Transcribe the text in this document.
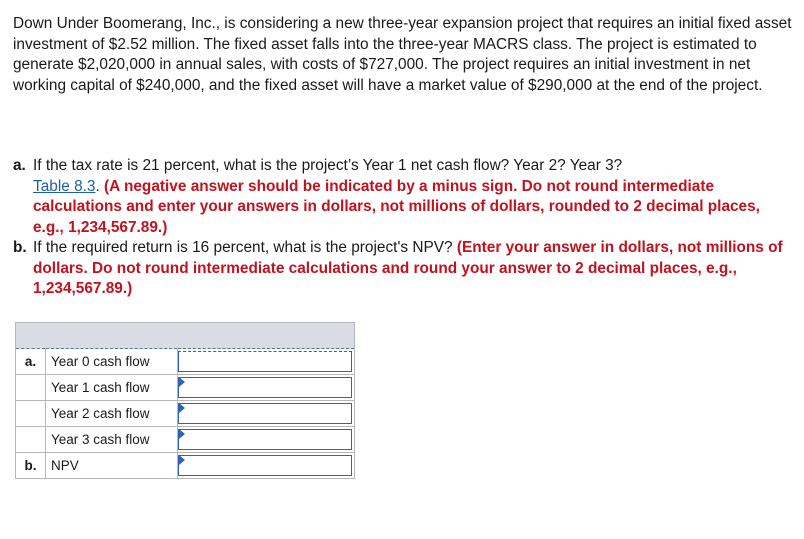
Down Under Boomerang, Inc., is considering a new three-year expansion project that requires an initial fixed asset investment of $2.52 million. The fixed asset falls into the three-year MACRS class. The project is estimated to generate $2,020,000 in annual sales, with costs of $727,000. The project requires an initial investment in net working capital of $240,000, and the fixed asset will have a market value of $290,000 at the end of the project.
a. If the tax rate is 21 percent, what is the project’s Year 1 net cash flow? Year 2? Year 3?
Table 8.3. (A negative answer should be indicated by a minus sign. Do not round intermediate calculations and enter your answers in dollars, not millions of dollars, rounded to 2 decimal places, e.g., 1,234,567.89.)
b. If the required return is 16 percent, what is the project's NPV? (Enter your answer in dollars, not millions of dollars. Do not round intermediate calculations and round your answer to 2 decimal places, e.g., 1,234,567.89.)

a.	Year 0 cash flow	

	Year 1 cash flow	

	Year 2 cash flow	

	Year 3 cash flow	

b.	NPV	
